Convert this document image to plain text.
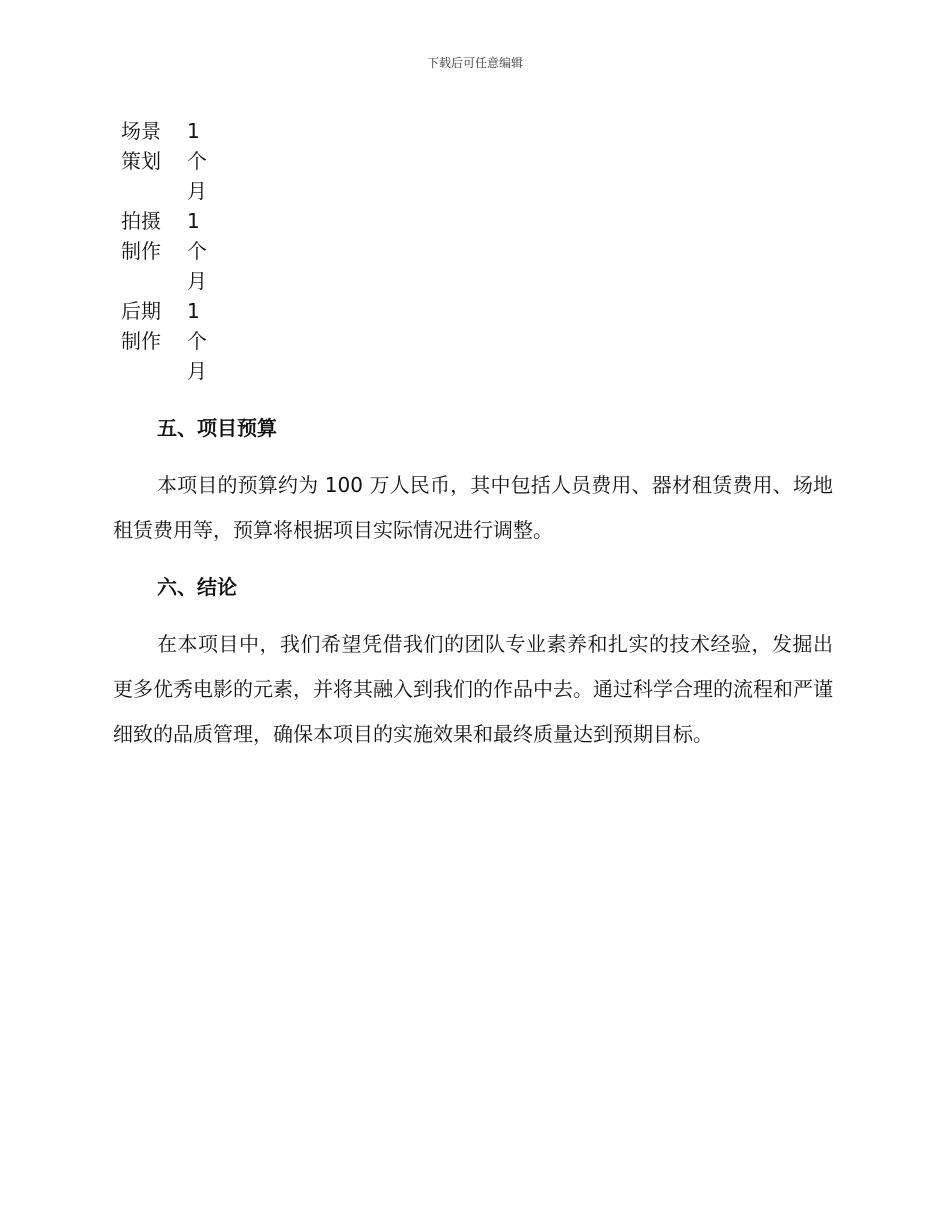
下载后可任意编辑
场景策划
1个月
拍摄制作
1个月
后期制作
1个月
五、项目预算
本项目的预算约为 100 万人民币，其中包括人员费用、器材租赁费用、场地租赁费用等，预算将根据项目实际情况进行调整。
六、结论
在本项目中，我们希望凭借我们的团队专业素养和扎实的技术经验，发掘出更多优秀电影的元素，并将其融入到我们的作品中去。通过科学合理的流程和严谨细致的品质管理，确保本项目的实施效果和最终质量达到预期目标。
